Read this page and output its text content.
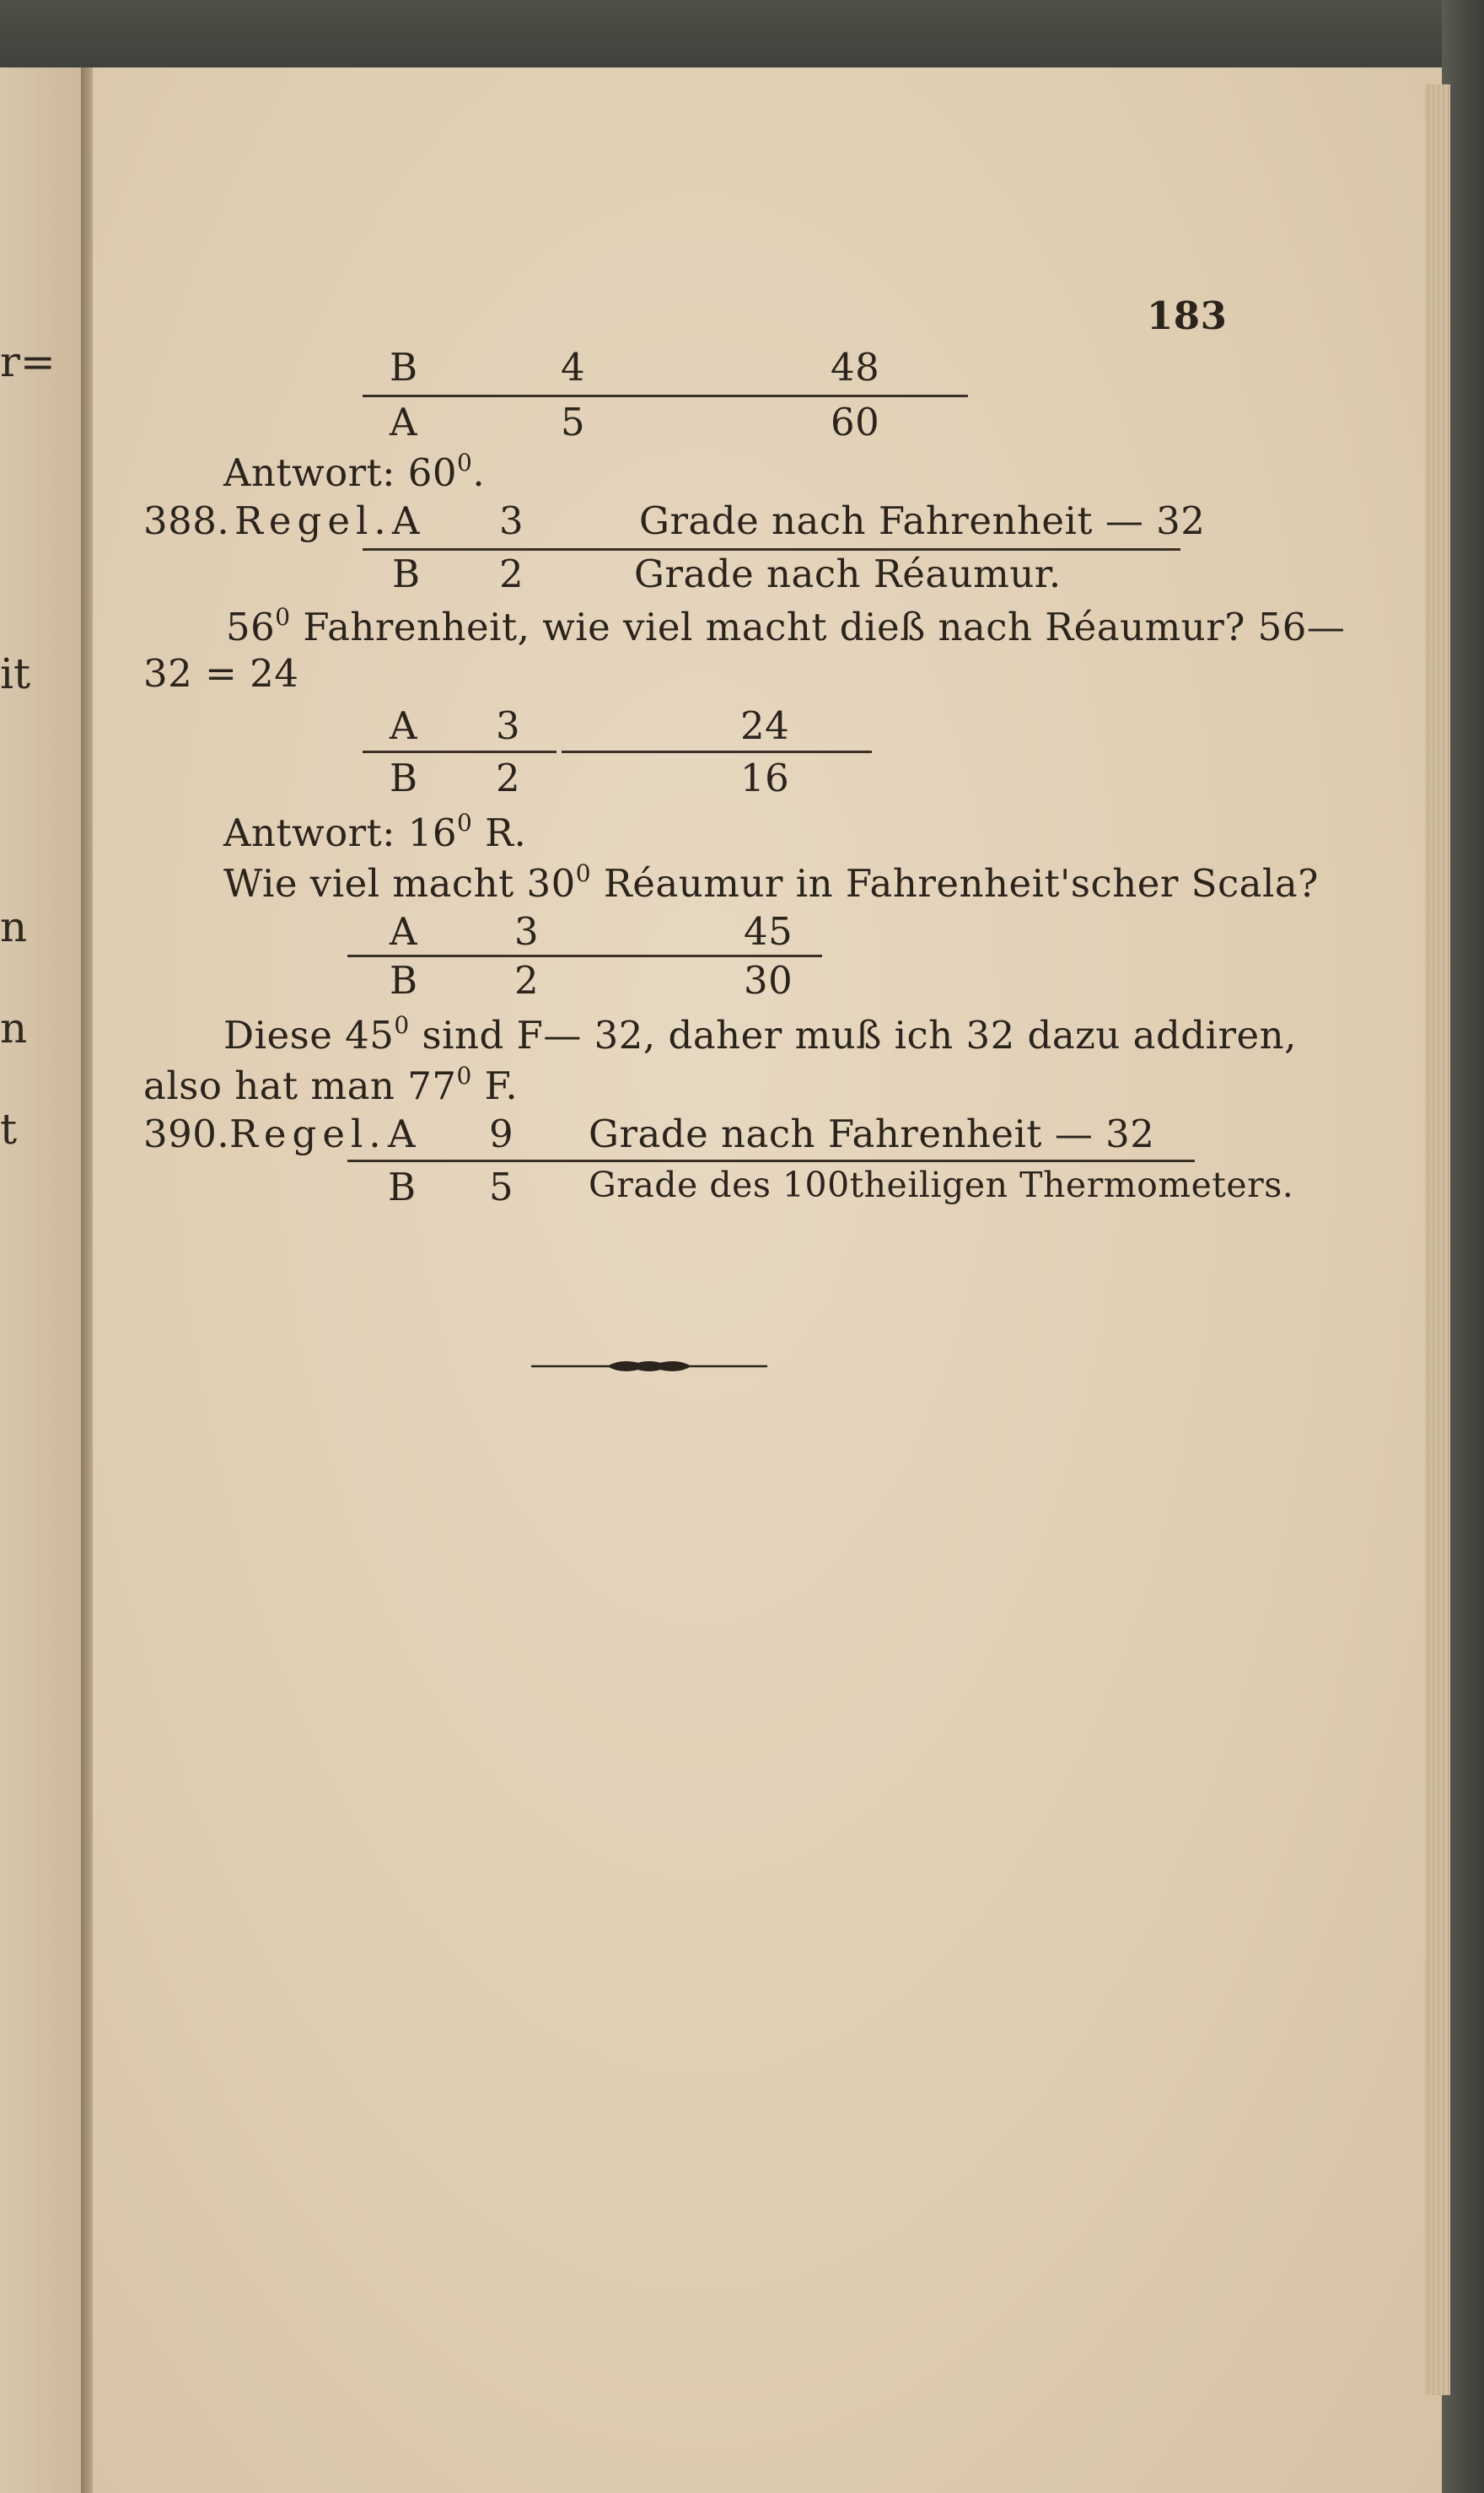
r=
it
n
n
t
183
B	4	48
A	5	60
Antwort: $60^0$.
388. Regel. A 3	Grade nach Fahrenheit — 32
B 2	Grade nach Réaumur.
$56^0$ Fahrenheit, wie viel macht dieß nach Réaumur? 56—
32 = 24
A 3	24
B 2	16
Antwort: $16^0$ R.
Wie viel macht $30^0$ Réaumur in Fahrenheit'scher Scala?
A	3	45
B	2	30
Diese $45^0$ sind F— 32, daher muß ich 32 dazu addiren,
also hat man $77^0$ F.
390. Regel. A 9 Grade nach Fahrenheit — 32
B 5 Grade des 100theiligen Thermometers.
